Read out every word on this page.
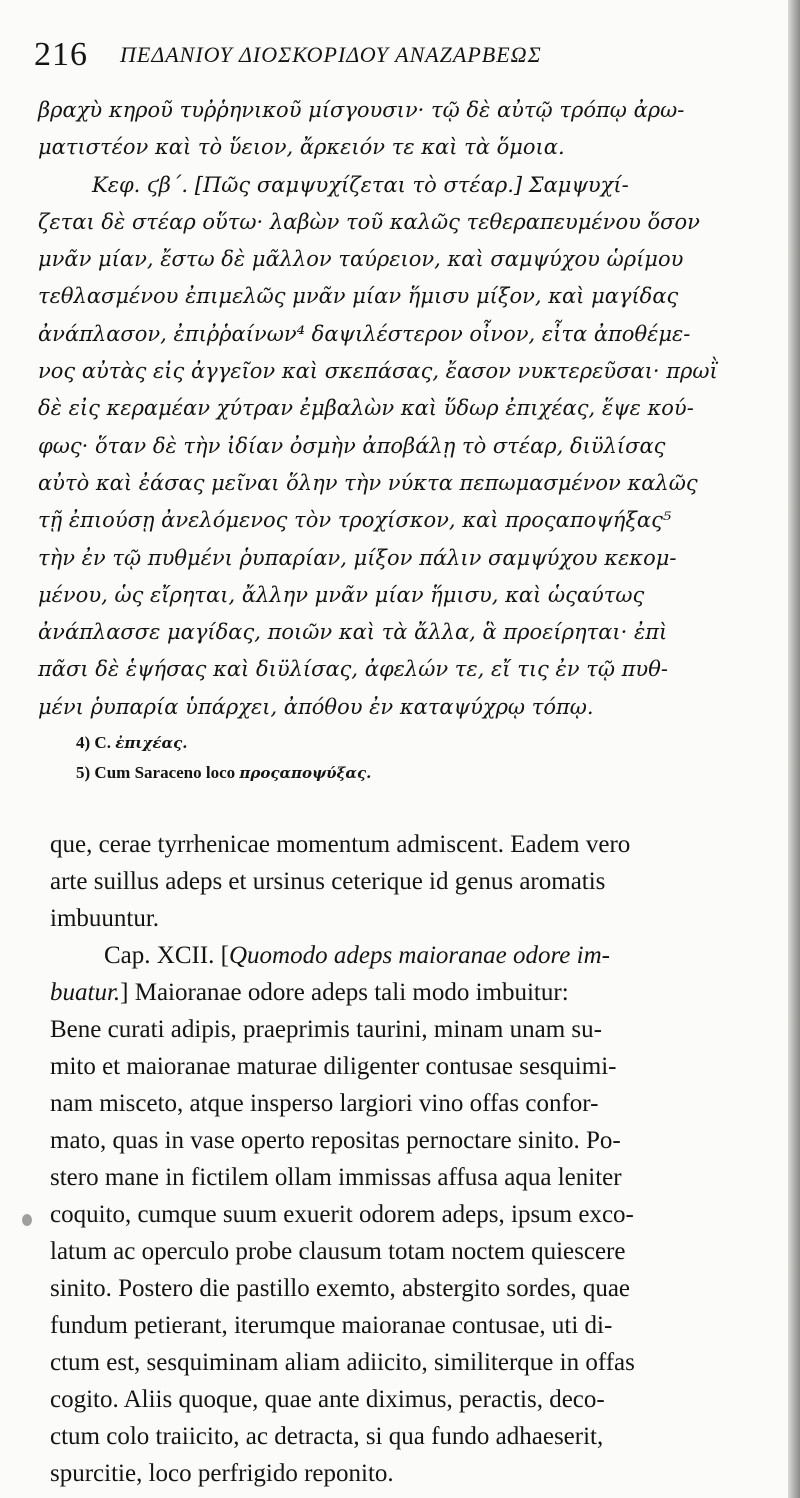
216 ΠΕΔΑΝΙΟΥ ΔΙΟΣΚΟΡΙΔΟΥ ΑΝΑΖΑΡΒΕΩΣ
βραχὺ κηροῦ τυῤῥηνικοῦ μίσγουσιν· τῷ δὲ αὐτῷ τρόπῳ ἀρω-
ματιστέον καὶ τὸ ὕειον, ἄρκειόν τε καὶ τὰ ὅμοια.
Κεφ. ϛβ΄. [Πῶς σαμψυχίζεται τὸ στέαρ.] Σαμψυχί-
ζεται δὲ στέαρ οὕτω· λαβὼν τοῦ καλῶς τεθεραπευμένου ὅσον
μνᾶν μίαν, ἔστω δὲ μᾶλλον ταύρειον, καὶ σαμψύχου ὡρίμου
τεθλασμένου ἐπιμελῶς μνᾶν μίαν ἥμισυ μίξον, καὶ μαγίδας
ἀνάπλασον, ἐπιῤῥαίνων⁴ δαψιλέστερον οἶνον, εἶτα ἀποθέμε-
νος αὐτὰς εἰς ἀγγεῖον καὶ σκεπάσας, ἔασον νυκτερεῦσαι· πρωῒ
δὲ εἰς κεραμέαν χύτραν ἐμβαλὼν καὶ ὕδωρ ἐπιχέας, ἕψε κού-
φως· ὅταν δὲ τὴν ἰδίαν ὀσμὴν ἀποβάλῃ τὸ στέαρ, διϋλίσας
αὐτὸ καὶ ἐάσας μεῖναι ὅλην τὴν νύκτα πεπωμασμένον καλῶς
τῇ ἐπιούσῃ ἀνελόμενος τὸν τροχίσκον, καὶ προςαποψήξας⁵
τὴν ἐν τῷ πυθμένι ῥυπαρίαν, μίξον πάλιν σαμψύχου κεκομ-
μένου, ὡς εἴρηται, ἄλλην μνᾶν μίαν ἥμισυ, καὶ ὡςαύτως
ἀνάπλασσε μαγίδας, ποιῶν καὶ τὰ ἄλλα, ἃ προείρηται· ἐπὶ
πᾶσι δὲ ἑψήσας καὶ διϋλίσας, ἀφελών τε, εἴ τις ἐν τῷ πυθ-
μένι ῥυπαρία ὑπάρχει, ἀπόθου ἐν καταψύχρῳ τόπῳ.
4) C. ἐπιχέας.
5) Cum Saraceno loco προςαποψύξας.
que, cerae tyrrhenicae momentum admiscent. Eadem vero
arte suillus adeps et ursinus ceterique id genus aromatis
imbuuntur.
Cap. XCII. [Quomodo adeps maioranae odore im-
buatur.] Maioranae odore adeps tali modo imbuitur:
Bene curati adipis, praeprimis taurini, minam unam su-
mito et maioranae maturae diligenter contusae sesquimi-
nam misceto, atque insperso largiori vino offas confor-
mato, quas in vase operto repositas pernoctare sinito. Po-
stero mane in fictilem ollam immissas affusa aqua leniter
coquito, cumque suum exuerit odorem adeps, ipsum exco-
latum ac operculo probe clausum totam noctem quiescere
sinito. Postero die pastillo exemto, abstergito sordes, quae
fundum petierant, iterumque maioranae contusae, uti di-
ctum est, sesquiminam aliam adiicito, similiterque in offas
cogito. Aliis quoque, quae ante diximus, peractis, deco-
ctum colo traiicito, ac detracta, si qua fundo adhaeserit,
spurcitie, loco perfrigido reponito.
